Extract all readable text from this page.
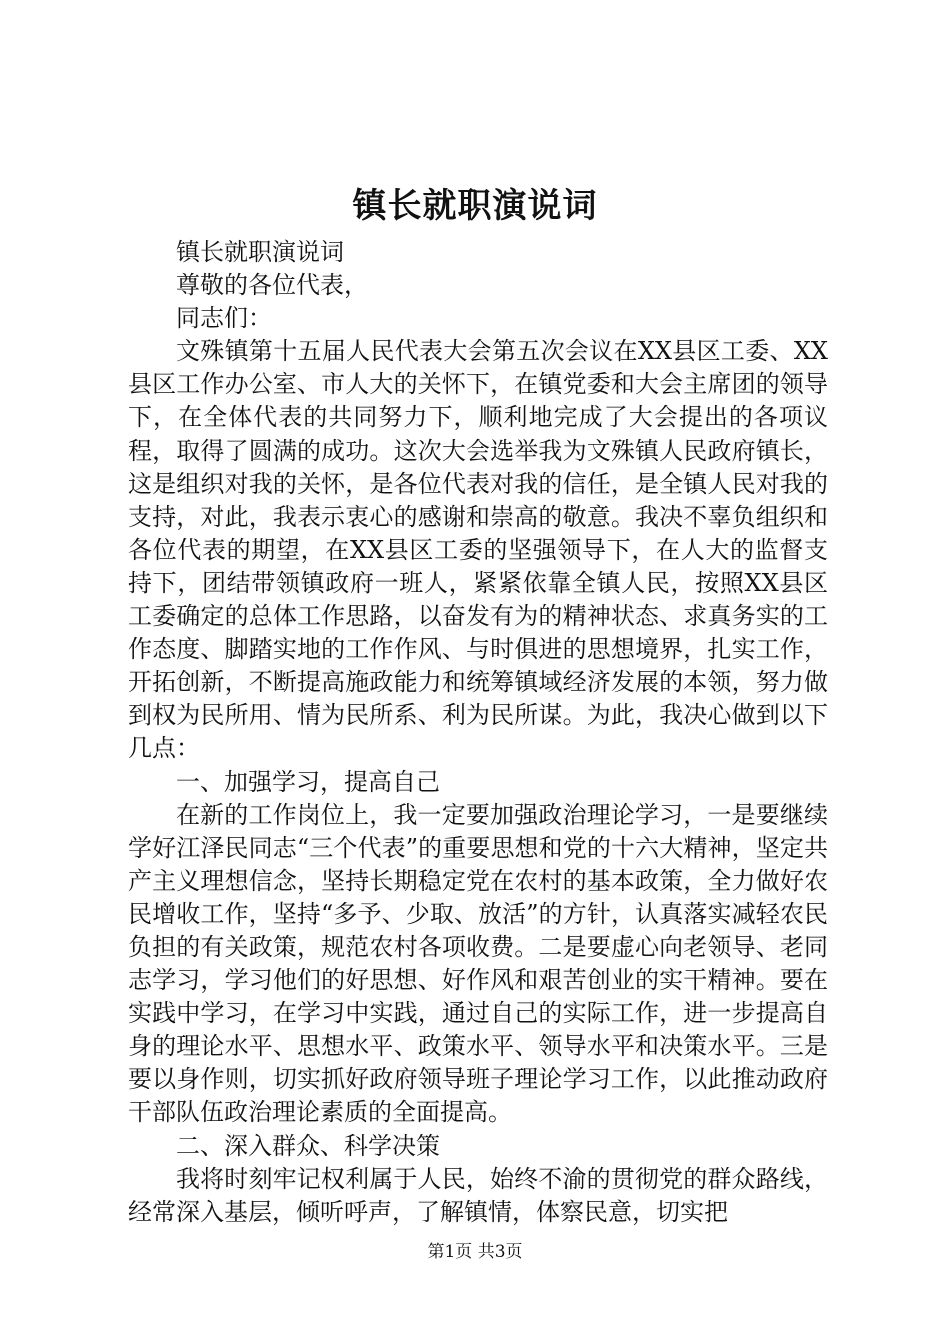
镇长就职演说词

镇长就职演说词

尊敬的各位代表，

同志们：

文殊镇第十五届人民代表大会第五次会议在XX县区工委、XX县区工作办公室、市人大的关怀下，在镇党委和大会主席团的领导下，在全体代表的共同努力下，顺利地完成了大会提出的各项议程，取得了圆满的成功。这次大会选举我为文殊镇人民政府镇长，这是组织对我的关怀，是各位代表对我的信任，是全镇人民对我的支持，对此，我表示衷心的感谢和崇高的敬意。我决不辜负组织和各位代表的期望，在XX县区工委的坚强领导下，在人大的监督支持下，团结带领镇政府一班人，紧紧依靠全镇人民，按照XX县区工委确定的总体工作思路，以奋发有为的精神状态、求真务实的工作态度、脚踏实地的工作作风、与时俱进的思想境界，扎实工作，开拓创新，不断提高施政能力和统筹镇域经济发展的本领，努力做到权为民所用、情为民所系、利为民所谋。为此，我决心做到以下几点：

一、加强学习，提高自己

在新的工作岗位上，我一定要加强政治理论学习，一是要继续学好江泽民同志“三个代表”的重要思想和党的十六大精神，坚定共产主义理想信念，坚持长期稳定党在农村的基本政策，全力做好农民增收工作，坚持“多予、少取、放活”的方针，认真落实减轻农民负担的有关政策，规范农村各项收费。二是要虚心向老领导、老同志学习，学习他们的好思想、好作风和艰苦创业的实干精神。要在实践中学习，在学习中实践，通过自己的实际工作，进一步提高自身的理论水平、思想水平、政策水平、领导水平和决策水平。三是要以身作则，切实抓好政府领导班子理论学习工作，以此推动政府干部队伍政治理论素质的全面提高。

二、深入群众、科学决策

我将时刻牢记权利属于人民，始终不渝的贯彻党的群众路线，经常深入基层，倾听呼声，了解镇情，体察民意，切实把

第1页 共3页
